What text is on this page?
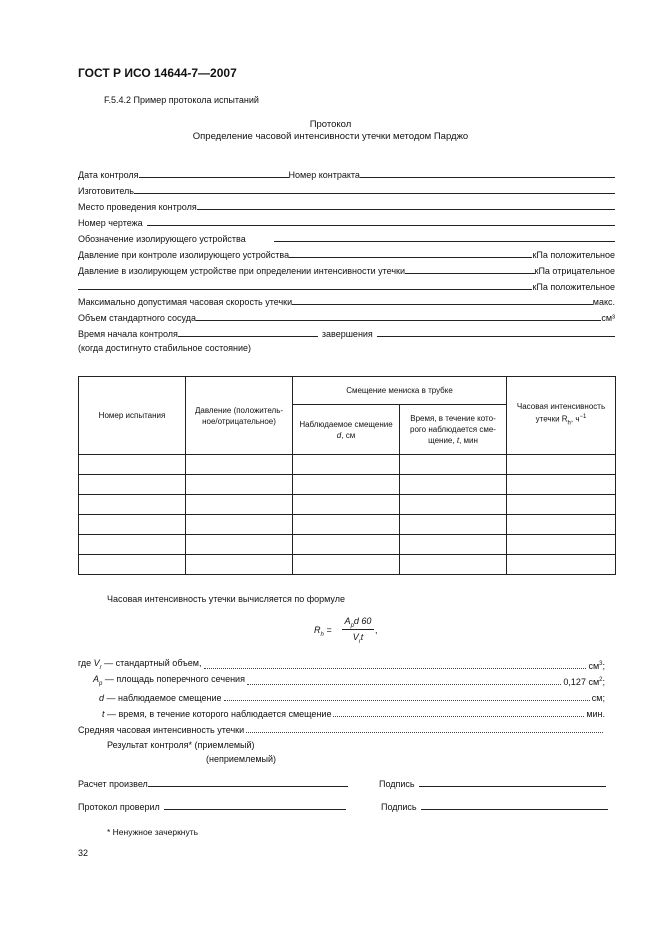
ГОСТ Р ИСО 14644-7—2007
F.5.4.2 Пример протокола испытаний
Протокол
Определение часовой интенсивности утечки методом Парджо
Дата контроля	Номер контракта
Изготовитель
Место проведения контроля
Номер чертежа
Обозначение изолирующего устройства
Давление при контроле изолирующего устройства	кПа положительное
Давление в изолирующем устройстве при определении интенсивности утечки	кПа отрицательное
кПа положительное
Максимально допустимая часовая скорость утечки	макс.
Объем стандартного сосуда	см³
Время начала контроля	завершения
(когда достигнуто стабильное состояние)
Номер испытания	Давление (положитель-ное/отрицательное)	Смещение мениска в трубке		Часовая интенсивность утечки $R_h$, $ч^{-1}$
		Наблюдаемое смещение d, см	Время, в течение кото-рого наблюдается сме-щение, t, мин	

Часовая интенсивность утечки вычисляется по формуле
$R_h$ =
$A_pd$ 60
$V_rt$
,
где $V_r$ — стандартный объем,	$см^3$;
$A_p$ — площадь поперечного сечения	0,127 $см^2$;
d — наблюдаемое смещение	см;
t — время, в течение которого наблюдается смещение	мин.
Средняя часовая интенсивность утечки
Результат контроля* (приемлемый)
(неприемлемый)
Расчет произвел	Подпись
Протокол проверил	Подпись
* Ненужное зачеркнуть
32
